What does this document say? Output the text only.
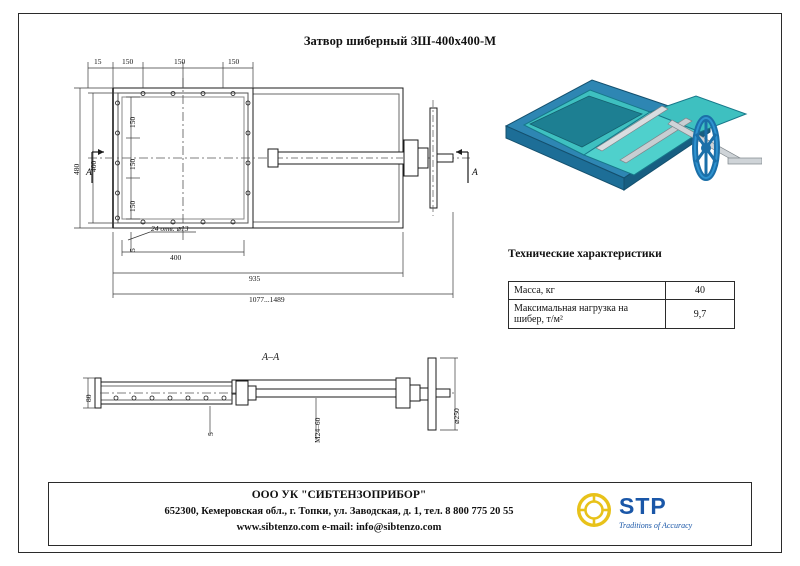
Затвор шиберный ЗШ-400х400-М
15	150	150	150
480 400
150
150
150
5
24 отв. ⌀13
400
935
1077...1489
А	А
А–А
80
5	М24–60
⌀250
Технические характеристики
Масса, кг	40
Максимальная нагрузка на шибер, т/м²	9,7
ООО УК "СИБТЕНЗОПРИБОР"
652300, Кемеровская обл., г. Топки, ул. Заводская, д. 1, тел. 8 800 775 20 55
www.sibtenzo.com e-mail: info@sibtenzo.com
STP
Traditions of Accuracy
